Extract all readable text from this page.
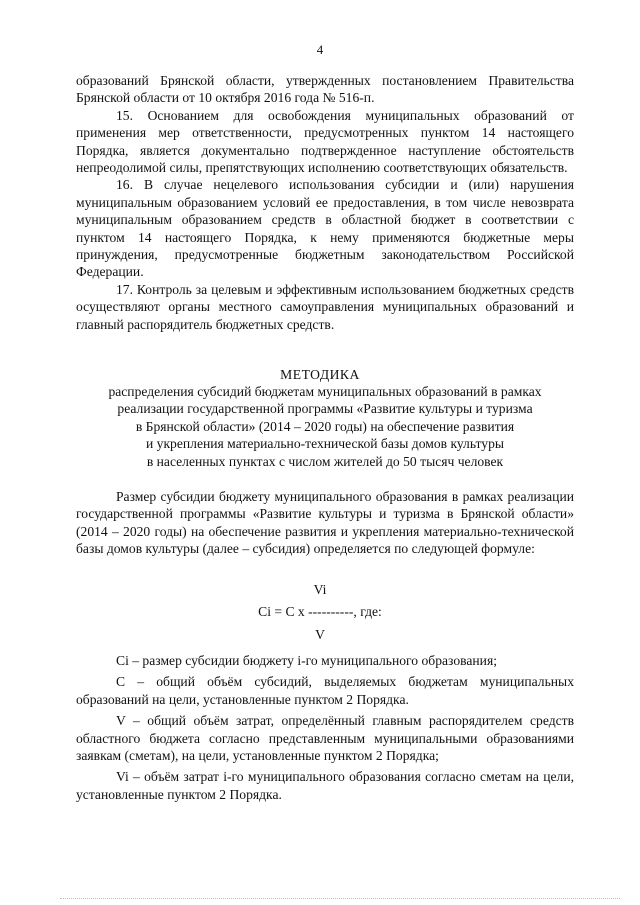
4

образований Брянской области, утвержденных постановлением Правительства Брянской области от 10 октября 2016 года № 516-п.

15. Основанием для освобождения муниципальных образований от применения мер ответственности, предусмотренных пунктом 14 настоящего Порядка, является документально подтвержденное наступление обстоятельств непреодолимой силы, препятствующих исполнению соответствующих обязательств.

16. В случае нецелевого использования субсидии и (или) нарушения муниципальным образованием условий ее предоставления, в том числе невозврата муниципальным образованием средств в областной бюджет в соответствии с пунктом 14 настоящего Порядка, к нему применяются бюджетные меры принуждения, предусмотренные бюджетным законодательством Российской Федерации.

17. Контроль за целевым и эффективным использованием бюджетных средств осуществляют органы местного самоуправления муниципальных образований и главный распорядитель бюджетных средств.

МЕТОДИКА
распределения субсидий бюджетам муниципальных образований в рамках
реализации государственной программы «Развитие культуры и туризма
в Брянской области» (2014 – 2020 годы) на обеспечение развития
и укрепления материально-технической базы домов культуры
в населенных пунктах с числом жителей до 50 тысяч человек

Размер субсидии бюджету муниципального образования в рамках реализации государственной программы «Развитие культуры и туризма в Брянской области» (2014 – 2020 годы) на обеспечение развития и укрепления материально-технической базы домов культуры (далее – субсидия) определяется по следующей формуле:

Vi
Ci = C x ----------, где:
V

Ci – размер субсидии бюджету i-го муниципального образования;

C – общий объём субсидий, выделяемых бюджетам муниципальных образований на цели, установленные пунктом 2 Порядка.

V – общий объём затрат, определённый главным распорядителем средств областного бюджета согласно представленным муниципальными образованиями заявкам (сметам), на цели, установленные пунктом 2 Порядка;

Vi – объём затрат i-го муниципального образования согласно сметам на цели, установленные пунктом 2 Порядка.
